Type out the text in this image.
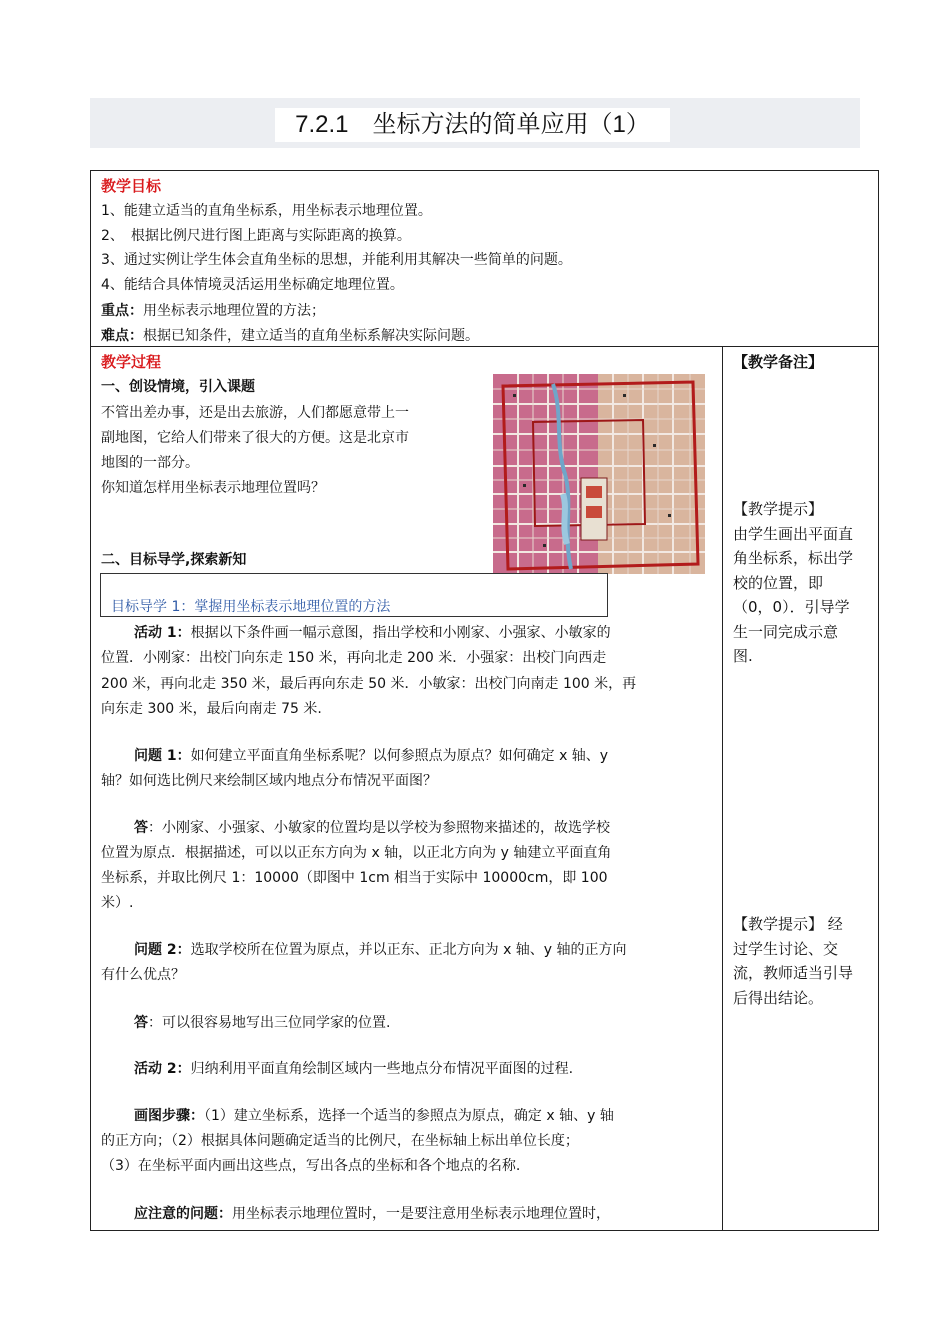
7.2.1　坐标方法的简单应用（1）
教学目标
1、能建立适当的直角坐标系，用坐标表示地理位置。
2、　根据比例尺进行图上距离与实际距离的换算。
3、通过实例让学生体会直角坐标的思想，并能利用其解决一些简单的问题。
4、能结合具体情境灵活运用坐标确定地理位置。
重点：用坐标表示地理位置的方法；
难点：根据已知条件，建立适当的直角坐标系解决实际问题。
教学过程
一、创设情境，引入课题
不管出差办事，还是出去旅游，人们都愿意带上一
副地图，它给人们带来了很大的方便。这是北京市
地图的一部分。
你知道怎样用坐标表示地理位置吗？
二、目标导学,探索新知
目标导学 1：掌握用坐标表示地理位置的方法
活动 1：根据以下条件画一幅示意图，指出学校和小刚家、小强家、小敏家的
位置．小刚家：出校门向东走 150 米，再向北走 200 米．小强家：出校门向西走
200 米，再向北走 350 米，最后再向东走 50 米．小敏家：出校门向南走 100 米，再
向东走 300 米，最后向南走 75 米.
问题 1：如何建立平面直角坐标系呢？以何参照点为原点？如何确定 x 轴、y
轴？如何选比例尺来绘制区域内地点分布情况平面图？
答：小刚家、小强家、小敏家的位置均是以学校为参照物来描述的，故选学校
位置为原点．根据描述，可以以正东方向为 x 轴，以正北方向为 y 轴建立平面直角
坐标系，并取比例尺 1：10000（即图中 1cm 相当于实际中 10000cm，即 100
米）.
问题 2：选取学校所在位置为原点，并以正东、正北方向为 x 轴、y 轴的正方向
有什么优点？
答：可以很容易地写出三位同学家的位置.
活动 2：归纳利用平面直角绘制区域内一些地点分布情况平面图的过程.
画图步骤：（1）建立坐标系，选择一个适当的参照点为原点，确定 x 轴、y 轴
的正方向；（2）根据具体问题确定适当的比例尺，在坐标轴上标出单位长度；
（3）在坐标平面内画出这些点，写出各点的坐标和各个地点的名称.
应注意的问题：用坐标表示地理位置时，一是要注意用坐标表示地理位置时，
【教学备注】
【教学提示】
由学生画出平面直
角坐标系，标出学
校的位置，即
（0，0）．引导学
生一同完成示意
图.
【教学提示】 经
过学生讨论、交
流，教师适当引导
后得出结论。
